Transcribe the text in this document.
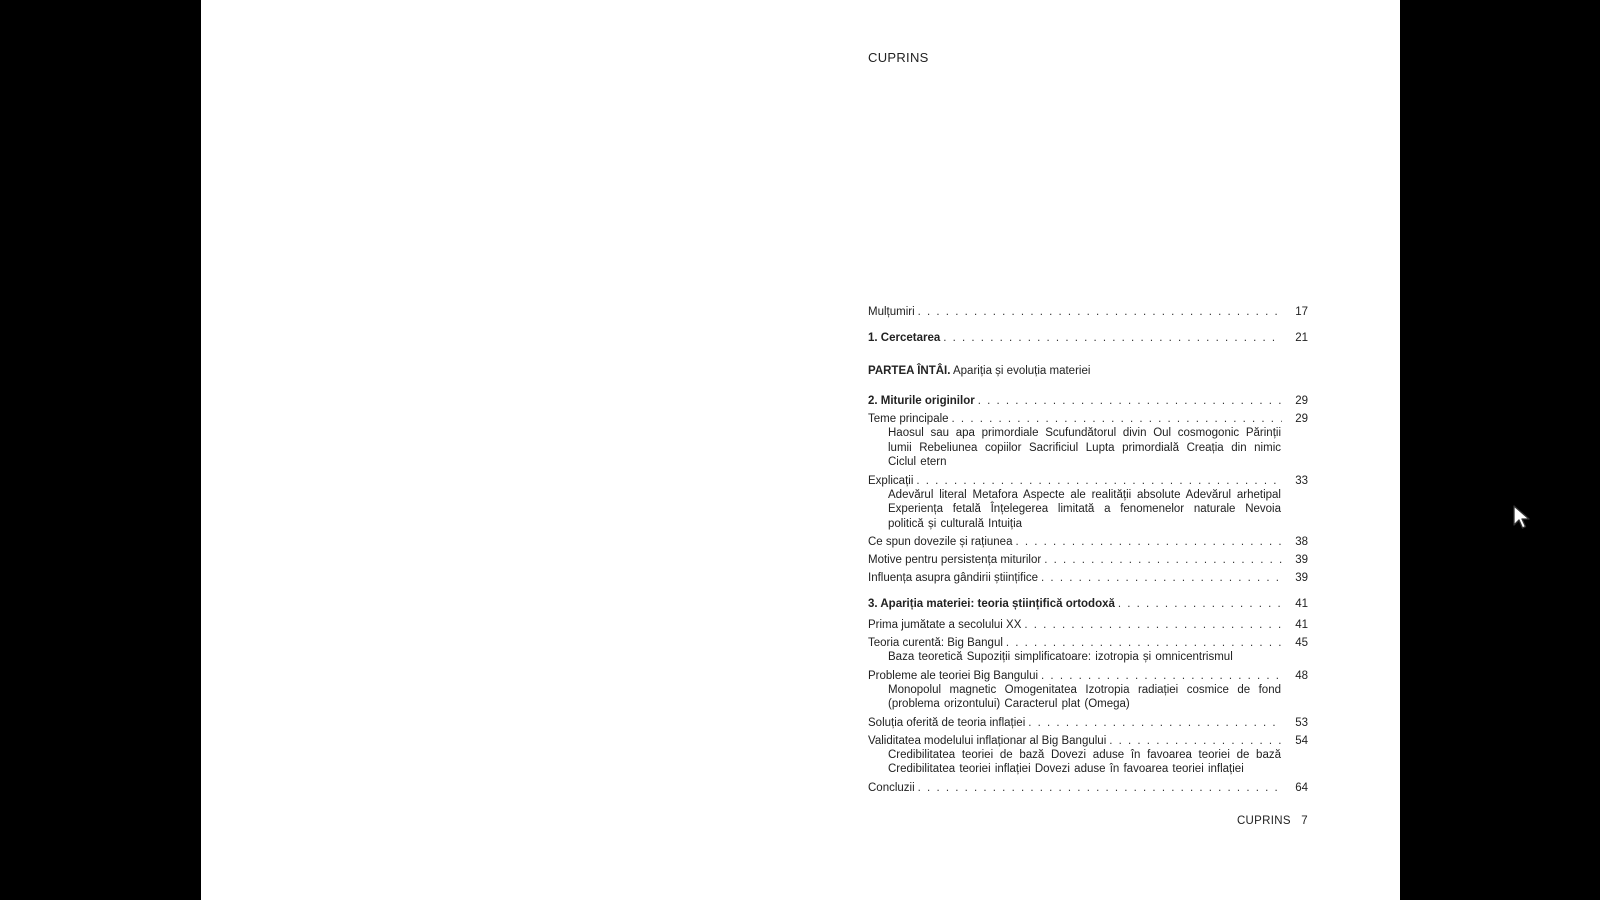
CUPRINS
Mulțumiri . . .	17
1. Cercetarea . . .	21
PARTEA ÎNTÂI. Apariția și evoluția materiei
2. Miturile originilor . . .	29
Teme principale . . .	29
Haosul sau apa primordiale Scufundătorul divin Oul cosmogonic Părinții lumii Rebeliunea copiilor Sacrificiul Lupta primordială Creația din nimic Ciclul etern
Explicații . . .	33
Adevărul literal Metafora Aspecte ale realității absolute Adevărul arhetipal Experiența fetală Înțelegerea limitată a fenomenelor naturale Nevoia politică și culturală Intuiția
Ce spun dovezile și rațiunea . . .	38
Motive pentru persistența miturilor . . .	39
Influența asupra gândirii științifice . . .	39
3. Apariția materiei: teoria științifică ortodoxă . . .	41
Prima jumătate a secolului XX . . .	41
Teoria curentă: Big Bangul . . .	45
Baza teoretică Supoziții simplificatoare: izotropia și omnicentrismul
Probleme ale teoriei Big Bangului . . .	48
Monopolul magnetic Omogenitatea Izotropia radiației cosmice de fond (problema orizontului) Caracterul plat (Omega)
Soluția oferită de teoria inflației . . .	53
Validitatea modelului inflaționar al Big Bangului . . .	54
Credibilitatea teoriei de bază Dovezi aduse în favoarea teoriei de bază Credibilitatea teoriei inflației Dovezi aduse în favoarea teoriei inflației
Concluzii . . .	64
CUPRINS 7
